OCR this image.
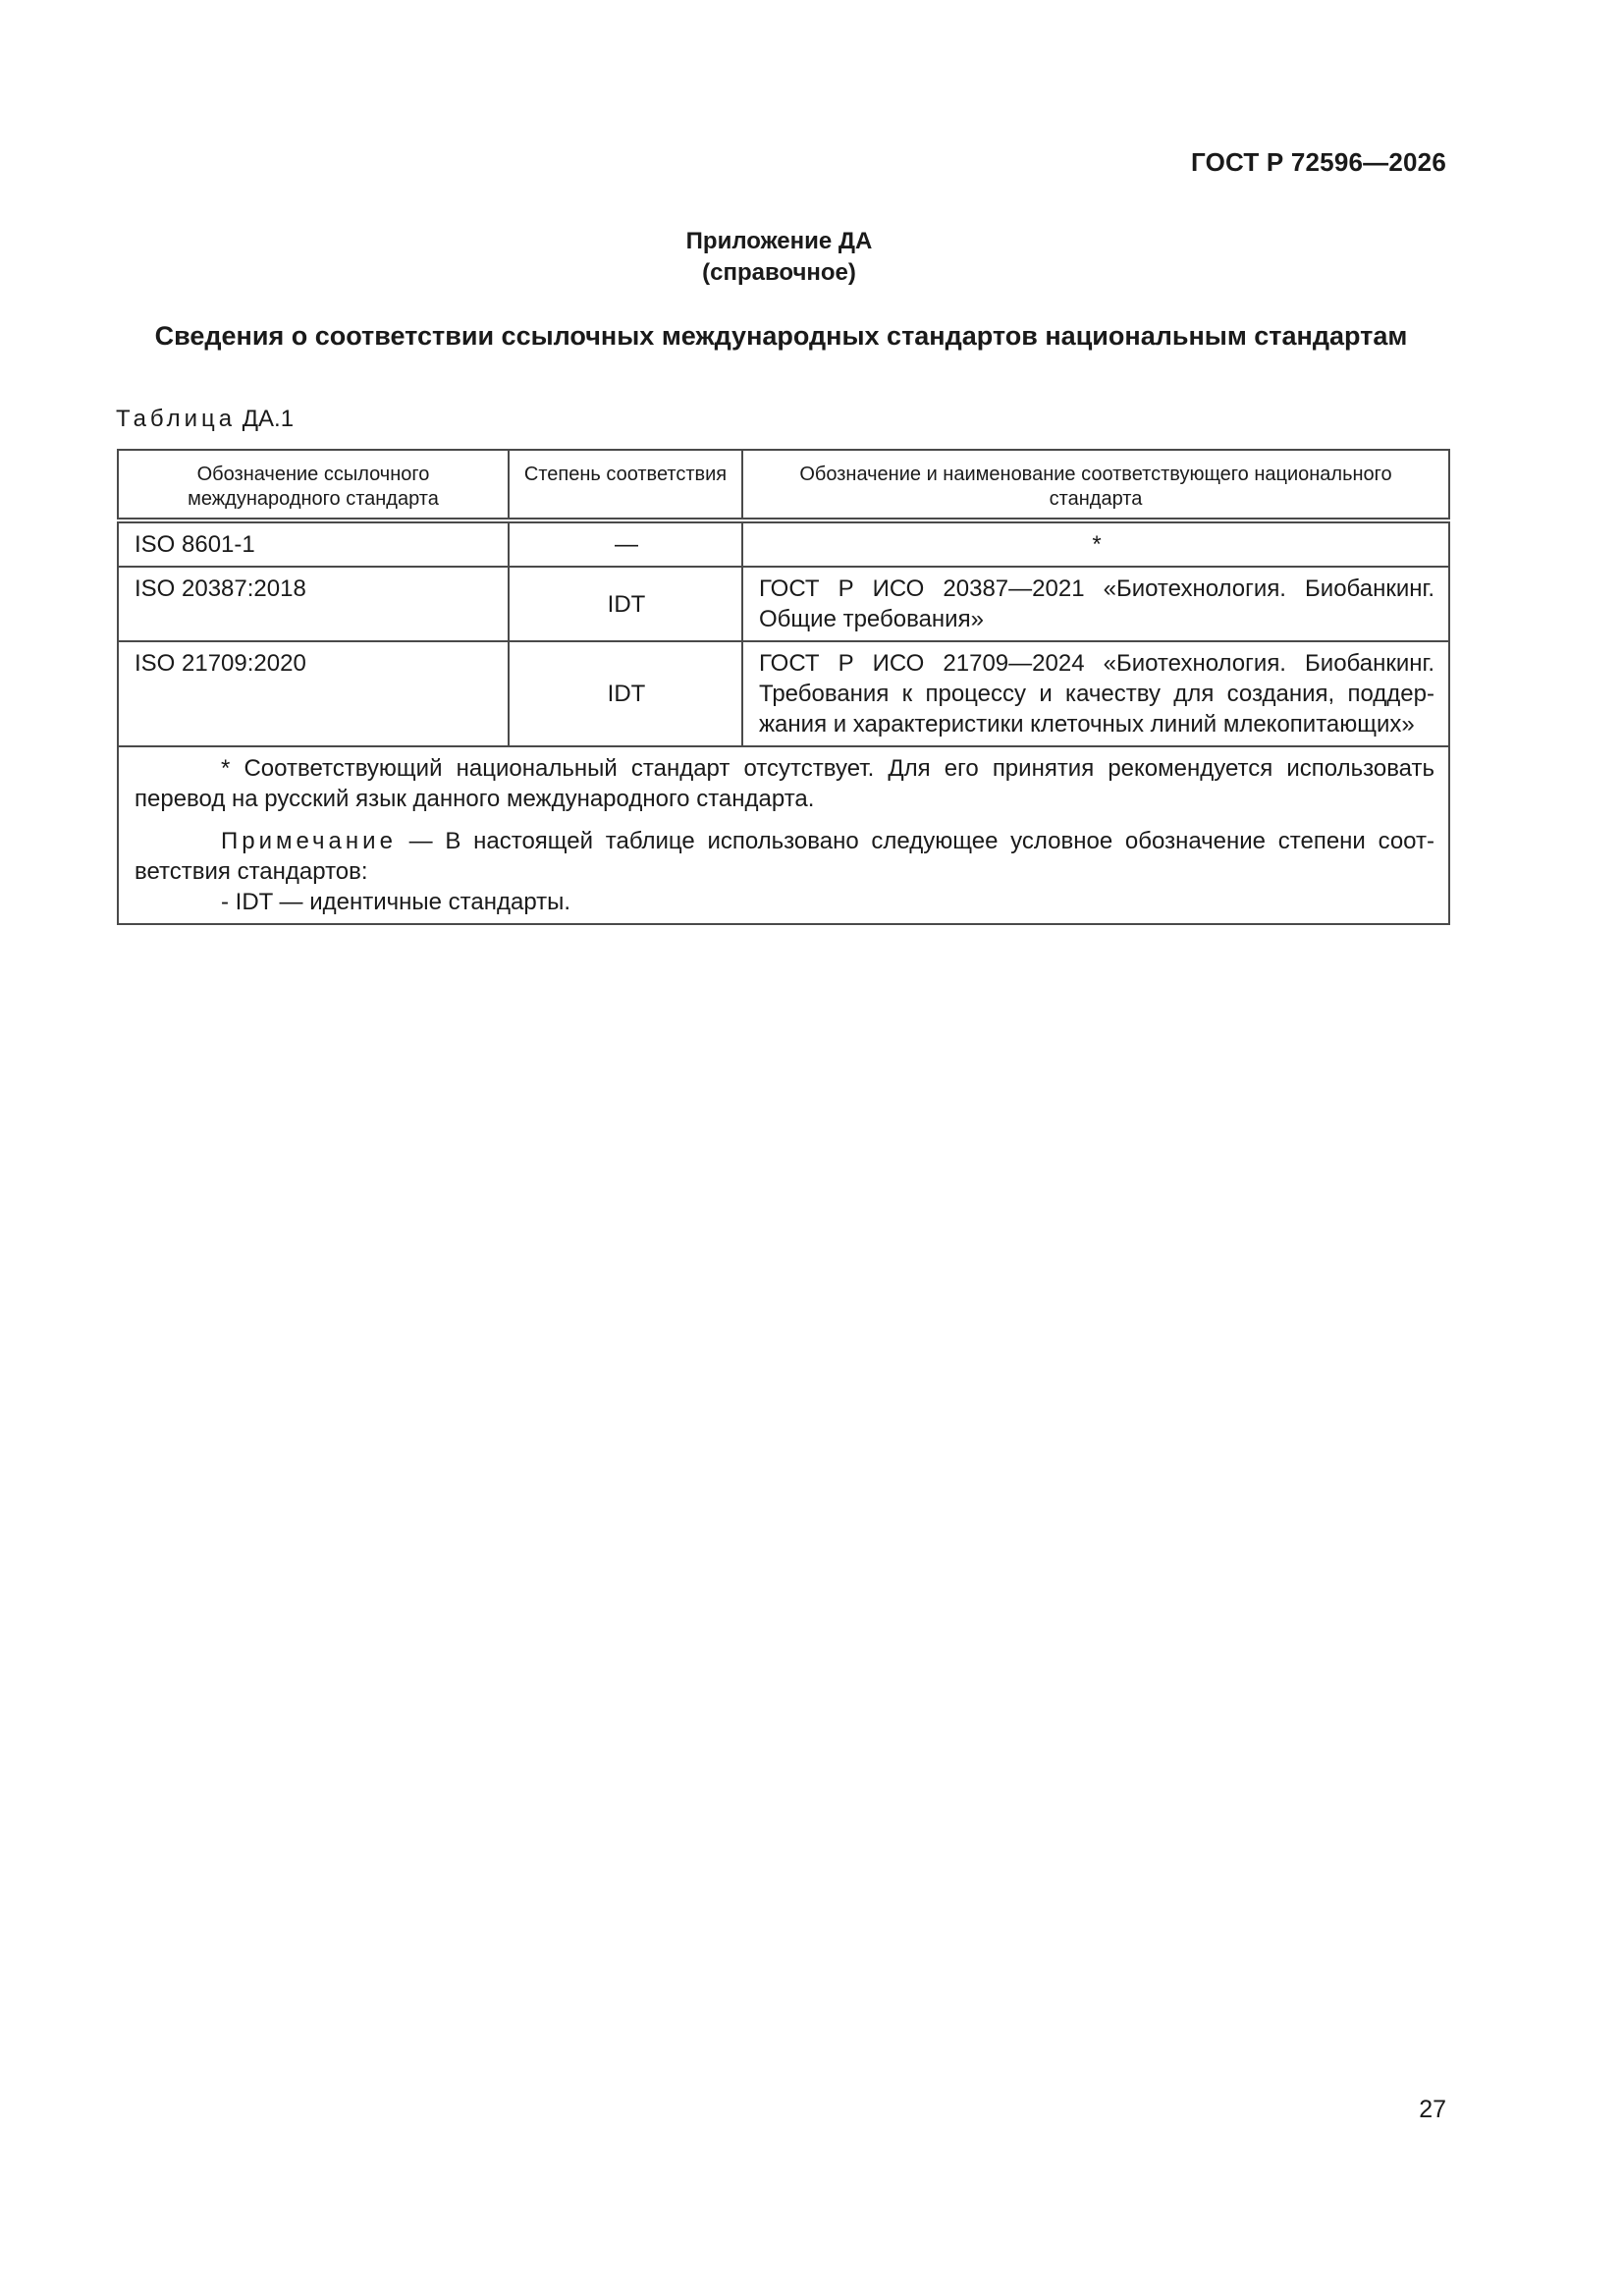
ГОСТ Р 72596—2026
Приложение ДА
(справочное)
Сведения о соответствии ссылочных международных стандартов национальным стандартам
Таблица ДА.1
Обозначение ссылочного международного стандарта	Степень соответствия	Обозначение и наименование соответствующего национального стандарта
ISO 8601-1	—	*
ISO 20387:2018	IDT	ГОСТ Р ИСО 20387—2021 «Биотехнология. Биобанкинг. Общие требования»
ISO 21709:2020	IDT	ГОСТ Р ИСО 21709—2024 «Биотехнология. Биобанкинг. Требования к процессу и качеству для создания, поддержания и характеристики клеточных линий млекопитающих»

* Соответствующий национальный стандарт отсутствует. Для его принятия рекомендуется использовать перевод на русский язык данного международного стандарта.

Примечание — В настоящей таблице использовано следующее условное обозначение степени соответствия стандартов:

- IDT — идентичные стандарты.		

27
